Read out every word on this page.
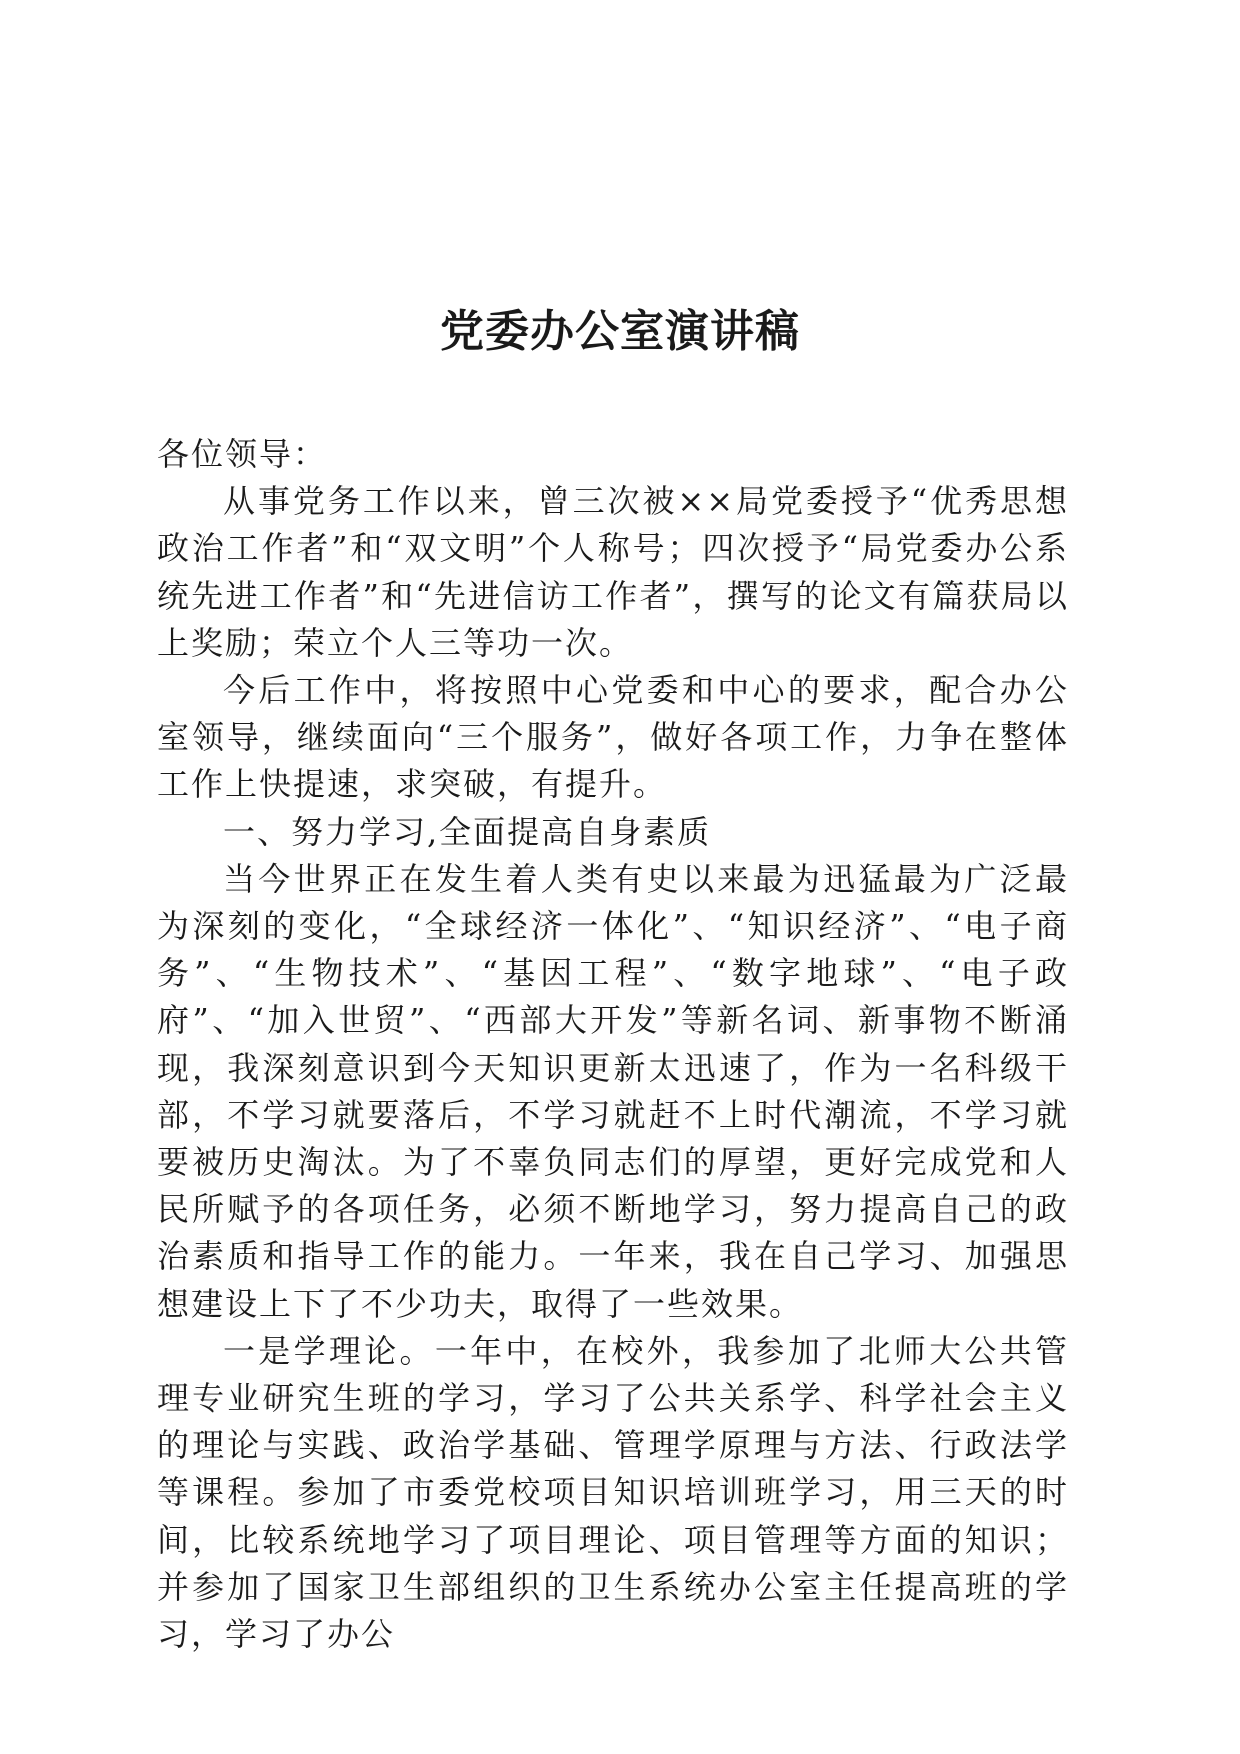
党委办公室演讲稿

各位领导：

从事党务工作以来，曾三次被××局党委授予“优秀思想政治工作者”和“双文明”个人称号；四次授予“局党委办公系统先进工作者”和“先进信访工作者”，撰写的论文有篇获局以上奖励；荣立个人三等功一次。

今后工作中，将按照中心党委和中心的要求，配合办公室领导，继续面向“三个服务”，做好各项工作，力争在整体工作上快提速，求突破，有提升。

一、努力学习,全面提高自身素质

当今世界正在发生着人类有史以来最为迅猛最为广泛最为深刻的变化，“全球经济一体化”、“知识经济”、“电子商务”、“生物技术”、“基因工程”、“数字地球”、“电子政府”、“加入世贸”、“西部大开发”等新名词、新事物不断涌现，我深刻意识到今天知识更新太迅速了，作为一名科级干部，不学习就要落后，不学习就赶不上时代潮流，不学习就要被历史淘汰。为了不辜负同志们的厚望，更好完成党和人民所赋予的各项任务，必须不断地学习，努力提高自己的政治素质和指导工作的能力。一年来，我在自己学习、加强思想建设上下了不少功夫，取得了一些效果。

一是学理论。一年中，在校外，我参加了北师大公共管理专业研究生班的学习，学习了公共关系学、科学社会主义的理论与实践、政治学基础、管理学原理与方法、行政法学等课程。参加了市委党校项目知识培训班学习，用三天的时间，比较系统地学习了项目理论、项目管理等方面的知识；并参加了国家卫生部组织的卫生系统办公室主任提高班的学习，学习了办公
